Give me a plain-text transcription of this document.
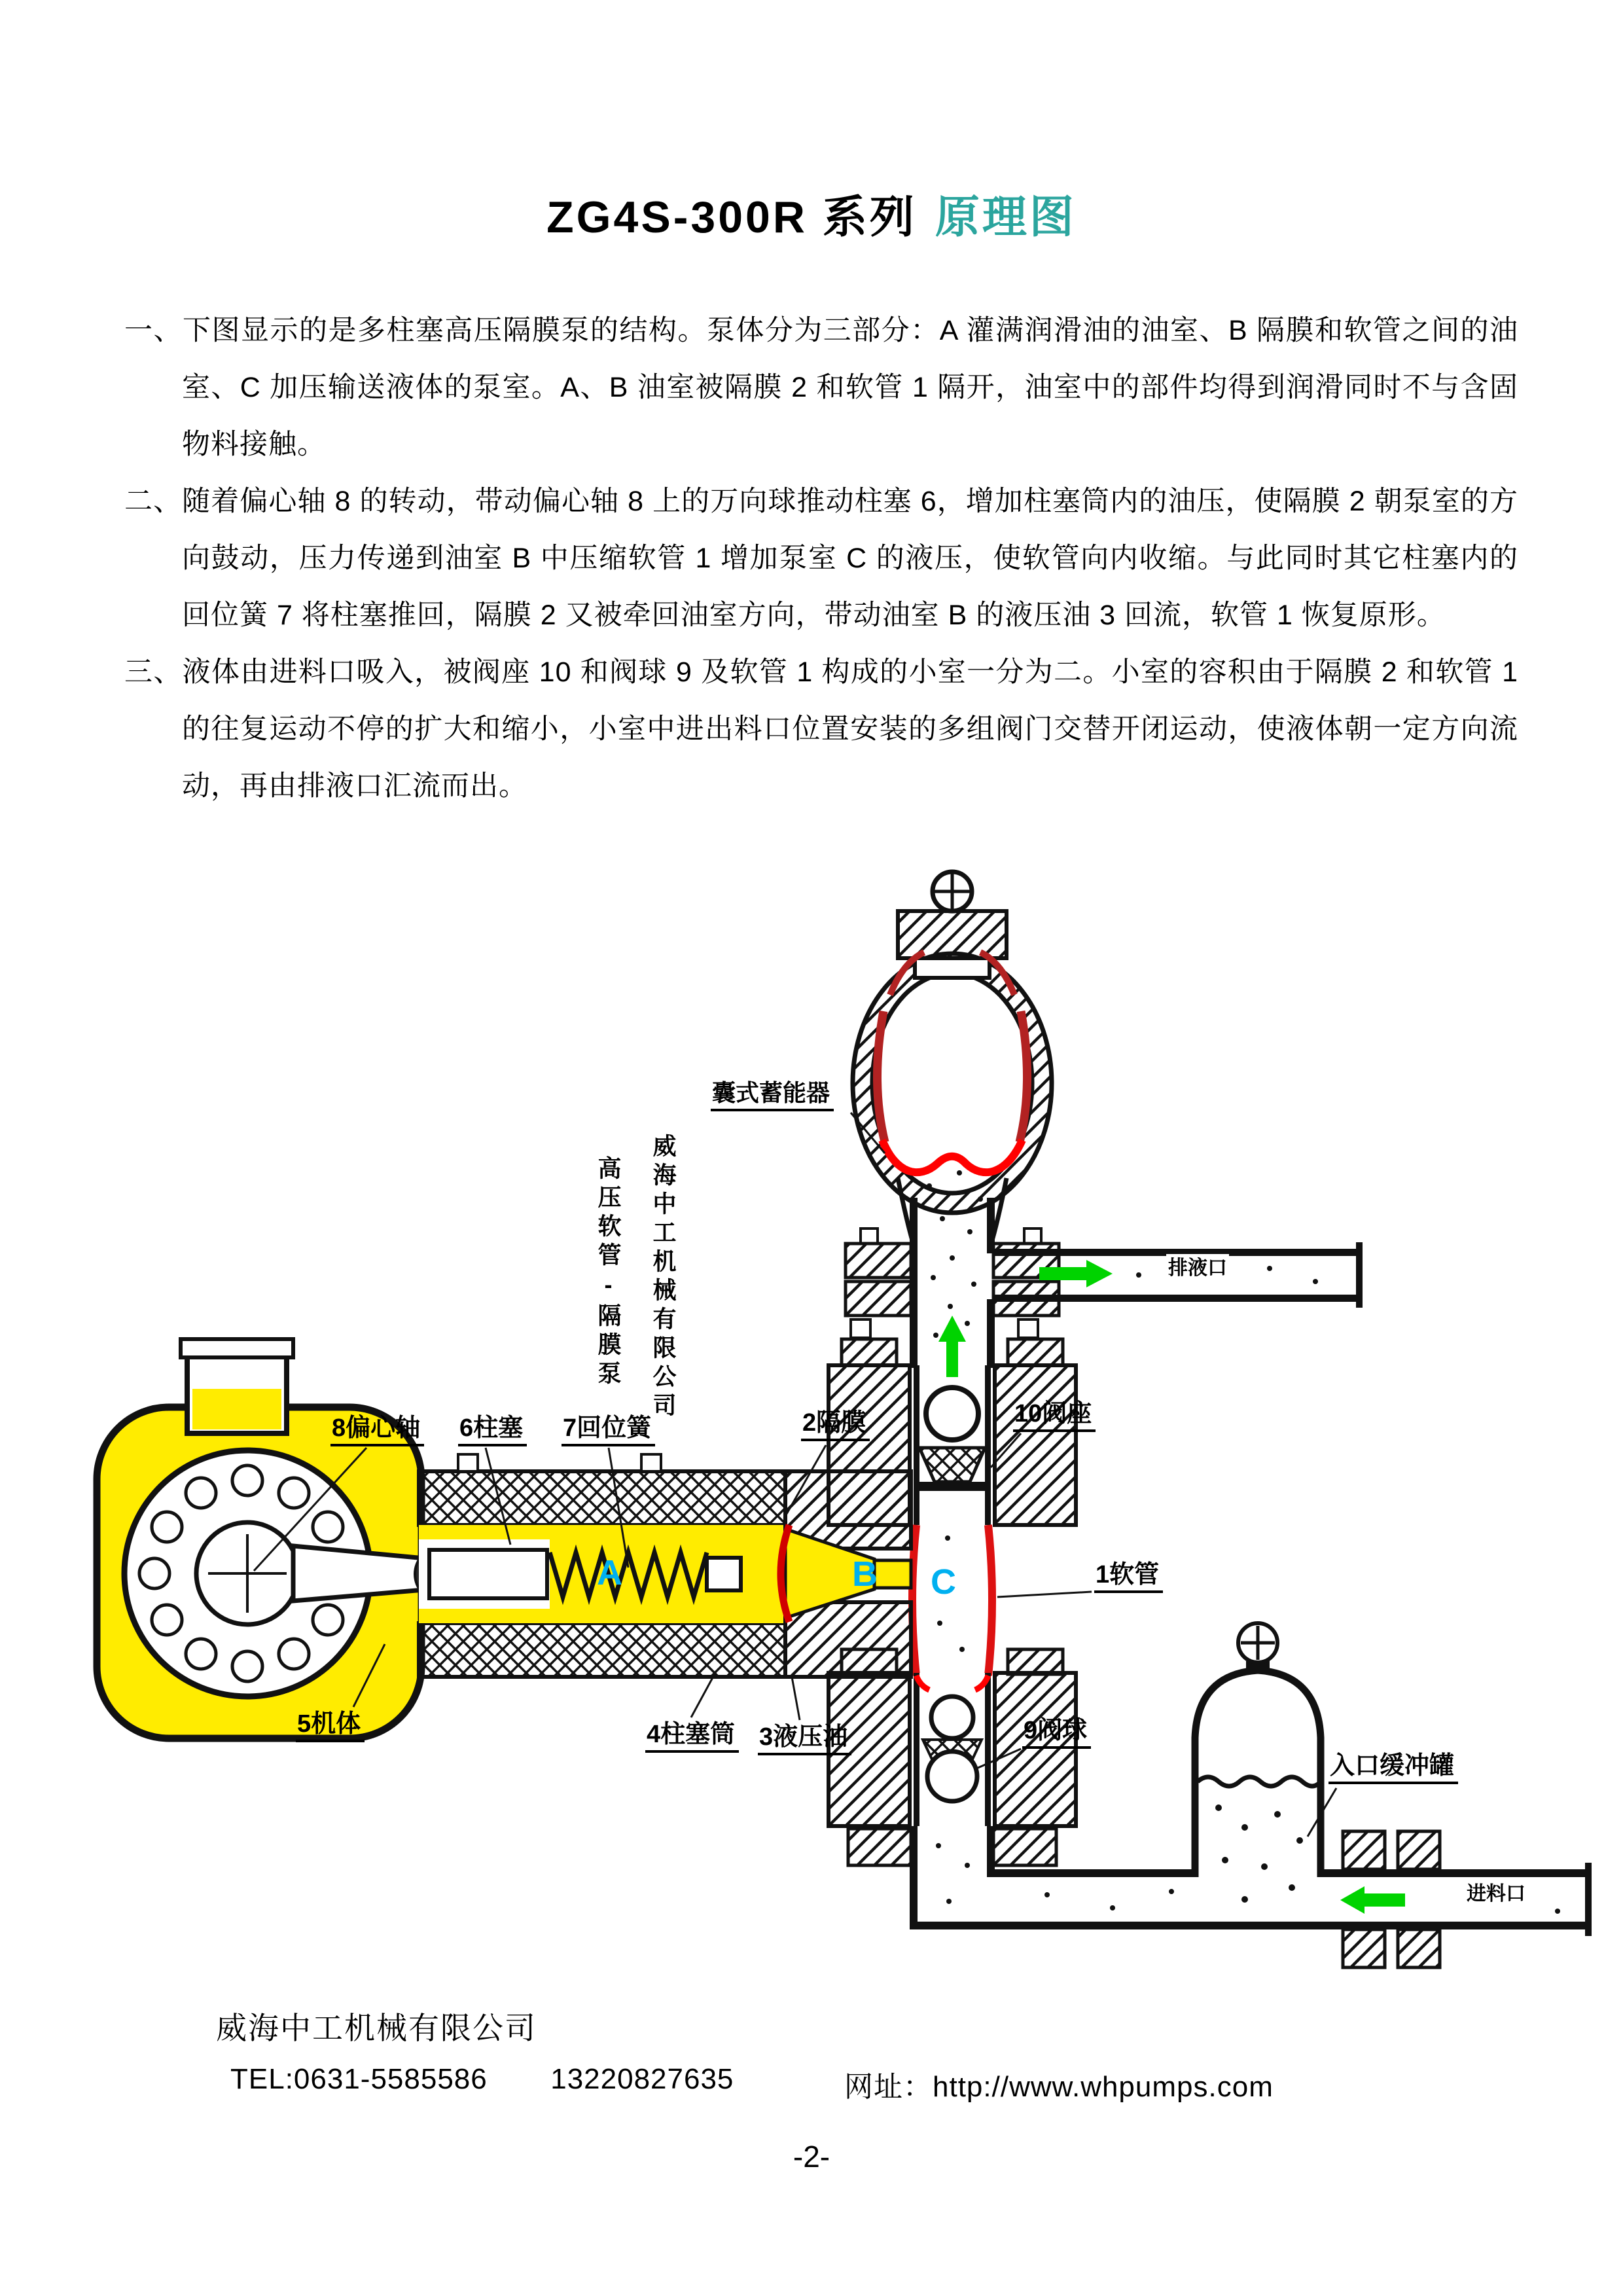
ZG4S-300R 系列 原理图
一、下图显示的是多柱塞高压隔膜泵的结构。泵体分为三部分：A 灌满润滑油的油室、B 隔膜和软管之间的油室、C 加压输送液体的泵室。A、B 油室被隔膜 2 和软管 1 隔开，油室中的部件均得到润滑同时不与含固物料接触。
二、随着偏心轴 8 的转动，带动偏心轴 8 上的万向球推动柱塞 6，增加柱塞筒内的油压，使隔膜 2 朝泵室的方向鼓动，压力传递到油室 B 中压缩软管 1 增加泵室 C 的液压，使软管向内收缩。与此同时其它柱塞内的回位簧 7 将柱塞推回，隔膜 2 又被牵回油室方向，带动油室 B 的液压油 3 回流，软管 1 恢复原形。
三、液体由进料口吸入，被阀座 10 和阀球 9 及软管 1 构成的小室一分为二。小室的容积由于隔膜 2 和软管 1 的往复运动不停的扩大和缩小，小室中进出料口位置安装的多组阀门交替开闭运动，使液体朝一定方向流动，再由排液口汇流而出。
威海中工机械有限公司
高压软管-隔膜泵
囊式蓄能器
排液口
进料口
入口缓冲罐
8偏心轴 6柱塞 7回位簧	2隔膜	10阀座
1软管
9阀球
5机体	4柱塞筒 3液压油
A	B C
威海中工机械有限公司
TEL:0631-5585586 13220827635	网址：http://www.whpumps.com
-2-
